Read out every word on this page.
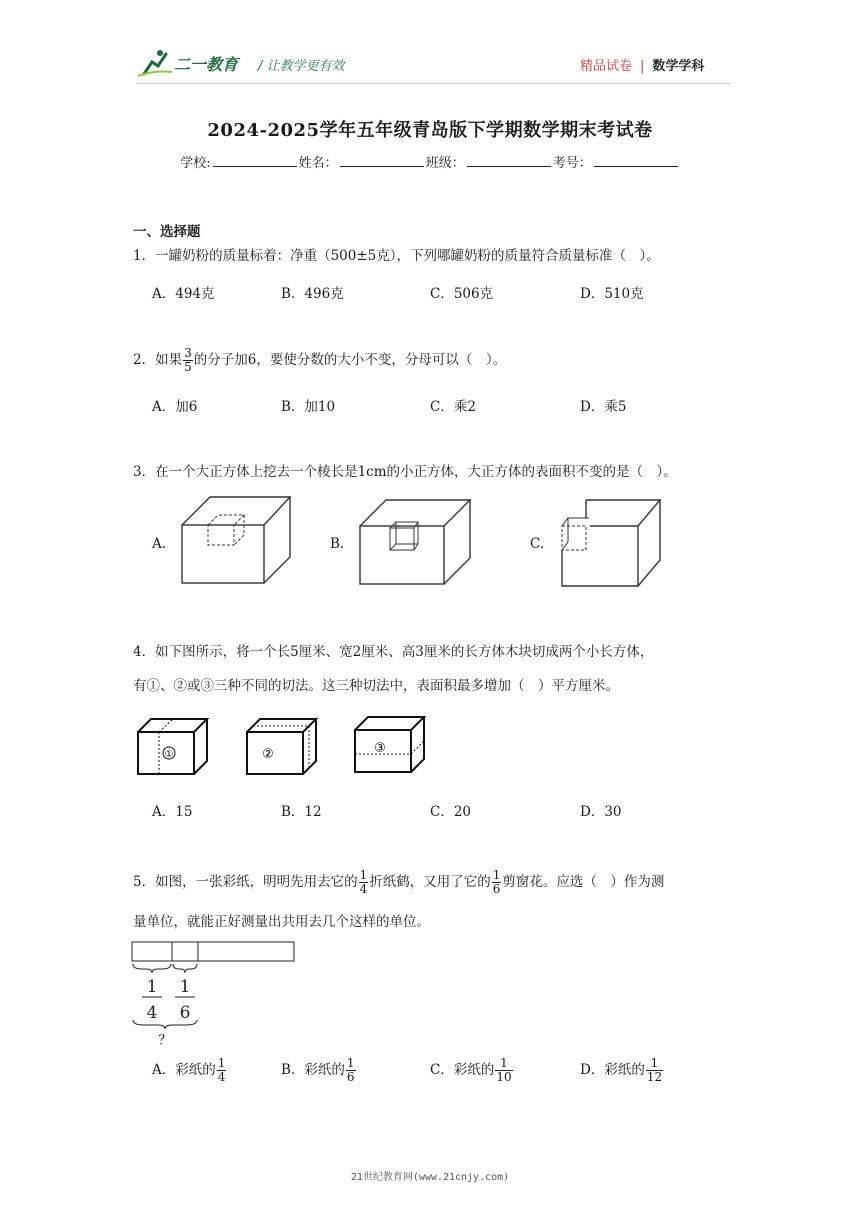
二一教育 / 让教学更有效	精品试卷 | 数学学科
2024-2025学年五年级青岛版下学期数学期末考试卷
学校:	姓名：	班级：	考号：
一、选择题
1．一罐奶粉的质量标着：净重（500±5克），下列哪罐奶粉的质量符合质量标准（　）。
A．494克	B．496克	C．506克	D．510克
2．如果 $\frac{3}{5}$ 的分子加6，要使分数的大小不变，分母可以（　）。
A．加6	B．加10	C．乘2	D．乘5
3．在一个大正方体上挖去一个棱长是1cm的小正方体，大正方体的表面积不变的是（　）。
A.	B.	C.
4．如下图所示，将一个长5厘米、宽2厘米、高3厘米的长方体木块切成两个小长方体，
有①、②或③三种不同的切法。这三种切法中，表面积最多增加（　）平方厘米。
①	②	③
A．15	B．12	C．20	D．30
5．如图，一张彩纸，明明先用去它的 $\frac{1}{4}$ 折纸鹤，又用了它的 $\frac{1}{6}$ 剪窗花。应选（　）作为测
量单位，就能正好测量出共用去几个这样的单位。
1
4
1
6
？
A．彩纸的 $\frac{1}{4}$	B．彩纸的 $\frac{1}{6}$	C．彩纸的 $\frac{1}{10}$	D．彩纸的 $\frac{1}{12}$
21世纪教育网(www.21cnjy.com)
